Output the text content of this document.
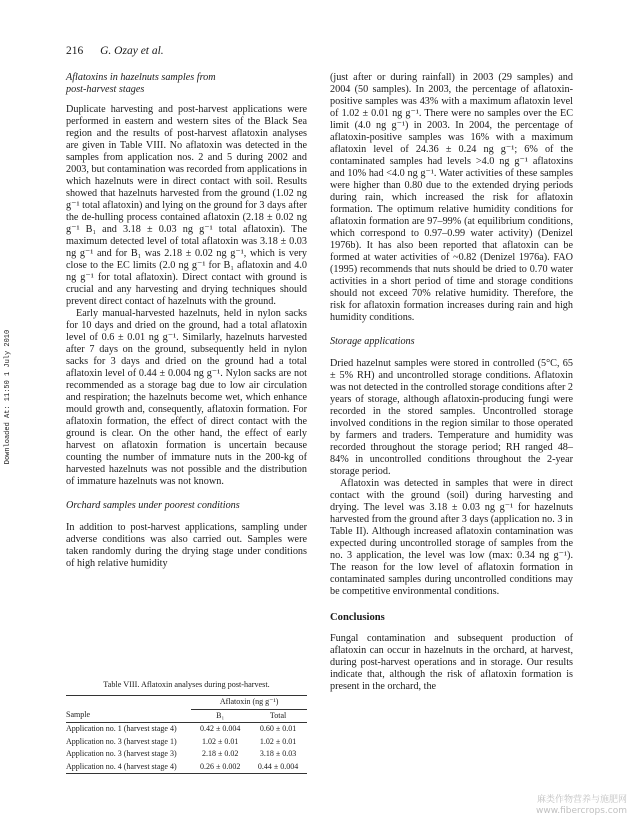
216 G. Ozay et al.
Downloaded At: 11:50 1 July 2010
Aflatoxins in hazelnuts samples from
post-harvest stages

Duplicate harvesting and post-harvest applications were performed in eastern and western sites of the Black Sea region and the results of post-harvest aflatoxin analyses are given in Table VIII. No aflatoxin was detected in the samples from application nos. 2 and 5 during 2002 and 2003, but contamination was recorded from applications in which hazelnuts were in direct contact with soil. Results showed that hazelnuts harvested from the ground (1.02 ng g⁻¹ total aflatoxin) and lying on the ground for 3 days after the de-hulling process contained aflatoxin (2.18 ± 0.02 ng g⁻¹ B₁ and 3.18 ± 0.03 ng g⁻¹ total aflatoxin). The maximum detected level of total aflatoxin was 3.18 ± 0.03 ng g⁻¹ and for B₁ was 2.18 ± 0.02 ng g⁻¹, which is very close to the EC limits (2.0 ng g⁻¹ for B₁ aflatoxin and 4.0 ng g⁻¹ for total aflatoxin). Direct contact with ground is crucial and any harvesting and drying techniques should prevent direct contact of hazelnuts with the ground.

Early manual-harvested hazelnuts, held in nylon sacks for 10 days and dried on the ground, had a total aflatoxin level of 0.6 ± 0.01 ng g⁻¹. Similarly, hazelnuts harvested after 7 days on the ground, subsequently held in nylon sacks for 3 days and dried on the ground had a total aflatoxin level of 0.44 ± 0.004 ng g⁻¹. Nylon sacks are not recommended as a storage bag due to low air circulation and respiration; the hazelnuts become wet, which enhance mould growth and, consequently, aflatoxin formation. For aflatoxin formation, the effect of direct contact with the ground is clear. On the other hand, the effect of early harvest on aflatoxin formation is uncertain because counting the number of immature nuts in the 200-kg of harvested hazelnuts was not possible and the distribution of immature hazelnuts was not known.

Orchard samples under poorest conditions

In addition to post-harvest applications, sampling under adverse conditions was also carried out. Samples were taken randomly during the drying stage under conditions of high relative humidity

Table VIII. Aflatoxin analyses during post-harvest.
	Aflatoxin (ng g⁻¹)	
Sample	B₁	Total
Application no. 1 (harvest stage 4)	0.42 ± 0.004	0.60 ± 0.01
Application no. 3 (harvest stage 1)	1.02 ± 0.01	1.02 ± 0.01
Application no. 3 (harvest stage 3)	2.18 ± 0.02	3.18 ± 0.03
Application no. 4 (harvest stage 4)	0.26 ± 0.002	0.44 ± 0.004

(just after or during rainfall) in 2003 (29 samples) and 2004 (50 samples). In 2003, the percentage of aflatoxin-positive samples was 43% with a maximum aflatoxin level of 1.02 ± 0.01 ng g⁻¹. There were no samples over the EC limit (4.0 ng g⁻¹) in 2003. In 2004, the percentage of aflatoxin-positive samples was 16% with a maximum aflatoxin level of 24.36 ± 0.24 ng g⁻¹; 6% of the contaminated samples had levels >4.0 ng g⁻¹ aflatoxins and 10% had <4.0 ng g⁻¹. Water activities of these samples were higher than 0.80 due to the extended drying periods during rain, which increased the risk for aflatoxin formation. The optimum relative humidity conditions for aflatoxin formation are 97–99% (at equilibrium conditions, which correspond to 0.97–0.99 water activity) (Denizel 1976b). It has also been reported that aflatoxin can be formed at water activities of ~0.82 (Denizel 1976a). FAO (1995) recommends that nuts should be dried to 0.70 water activities in a short period of time and storage conditions should not exceed 70% relative humidity. Therefore, the risk for aflatoxin formation increases during rain and high humidity conditions.

Storage applications

Dried hazelnut samples were stored in controlled (5°C, 65 ± 5% RH) and uncontrolled storage conditions. Aflatoxin was not detected in the controlled storage conditions after 2 years of storage, although aflatoxin-producing fungi were recorded in the stored samples. Uncontrolled storage involved conditions in the region similar to those operated by farmers and traders. Temperature and humidity was recorded throughout the storage period; RH ranged 48–84% in uncontrolled conditions throughout the 2-year storage period.

Aflatoxin was detected in samples that were in direct contact with the ground (soil) during harvesting and drying. The level was 3.18 ± 0.03 ng g⁻¹ for hazelnuts harvested from the ground after 3 days (application no. 3 in Table II). Although increased aflatoxin contamination was expected during uncontrolled storage of samples from the no. 3 application, the level was low (max: 0.34 ng g⁻¹). The reason for the low level of aflatoxin formation in contaminated samples during uncontrolled conditions may be competitive environmental conditions.

Conclusions

Fungal contamination and subsequent production of aflatoxin can occur in hazelnuts in the orchard, at harvest, during post-harvest operations and in storage. Our results indicate that, although the risk of aflatoxin formation is present in the orchard, the

麻类作物营养与施肥网
www.fibercrops.com
